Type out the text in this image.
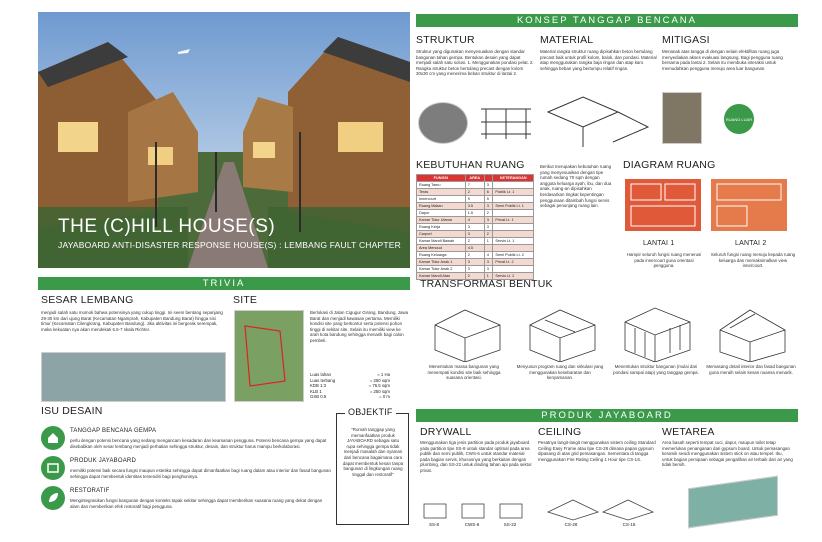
THE (C)HILL HOUSE(S)
JAYABOARD ANTI-DISASTER RESPONSE HOUSE(S) : LEMBANG FAULT CHAPTER
KONSEP TANGGAP BENCANA
STRUKTUR
Struktur yang digunakan menyesuaikan dengan standar bangunan tahan gempa. Bentukan desain yang dapat menjadi salah satu solusi. 1. Menggunakan pondasi pelat. 2. Rangka struktur beton bertulang precast dengan kolom 30x30 cm yang menerima beban struktur di lantai 2.
MATERIAL
Material rangka struktur ruang dipisahkan beton bertulang precast baik untuk profil kolom, balok, dan pondasi. Material atap menggunakan rangka baja ringan dan atap karo sehingga beban yang bertumpu relatif ringan.
MITIGASI
Menanak atas tangga di dengan selain efektifitas ruang juga menyediakan akses evakuasi langsung. Bagi pengguna ruang bersama pada lantai 2. Selain itu membuka interaksi untuk memudahkan pengguna menuju area luar bangunan.
RUANG LUAR
KEBUTUHAN RUANG
FUNGSI	AREA		KETERANGAN
Ruang Tamu	7	3	
Teras	2	6	Publik Lt. 1
Innercourt	9	5	
Ruang Makan	3.5	3	Semi Publik Lt. 1
Dapur	1.5	2	
Kamar Tidur Utama	4	3	Privat Lt. 1
Ruang Kerja	3	3	
Carport	3	2	
Kamar Mandi Bawah	2	1	Servis Lt. 1
Area Mencuci	4.5		
Ruang Keluarga	2	4	Semi Publik Lt. 2
Kamar Tidur Anak 1	3	3	Privat Lt. 2
Kamar Tidur Anak 2	3	3	
Kamar Mandi Atas	2	1	Servis Lt. 2
Berikut merupakan kebutuhan ruang yang menyesuaikan dengan tipe rumah sedang 70 sqm dengan anggota keluarga ayah, ibu, dan dua anak, ruang-an dipisahkan berdasarkan tingkat kepentingan penggunaan ditambah fungsi servis sebagai penunjang ruang lain.
DIAGRAM RUANG
LANTAI 1
Hampir seluruh fungsi ruang menerusi pada innercourt guna orientasi pengguna.
LANTAI 2
Seluruh fungsi ruang menuju kepada ruang keluarga dan memaksimalkan view innercourt.
TRIVIA
SESAR LEMBANG
menjadi salah satu momok bahwa potensinya yang cukup tinggi. Ini seem bentang sepanjang 29-30 km dari ujung Barat (Kecamatan Ngamprah, Kabupaten Bandung Barat) hingga sisi timur (Kecamatan Cilengkrang, Kabupaten Bandung). Jika aktivitas ini bergerak serempak, maka kekuatan nya akan mendekati 6.5-7 skala Richter.
SITE
Berlokasi di Jalan Cigugur Girang, Bandung, Jawa Barat dan menjadi kawasan pertama. Memiliki kondisi site yang berkontur serta potensi pohon tinggi di sekitar site. Selain itu memiliki view ke arah kota bandung sehingga menarik bagi calon pembeli.
Luas lahan	= 1 Ha
Luas terbang	= 250 sqm
KDB 1:3	= 76.5 sqm
KLB 1	= 250 sqm
GSB 0.5	= 0 m
TRANSFORMASI BENTUK
Menentukan massa bangunan yang menempati kondisi site baik sehingga suasana orientasi.
Menyusun program ruang dan sirkulasi yang menggunakan kesebaratan dan kenyamanan.
Menentukan struktur bangunan (mulai dari pondasi sampai atap) yang tanggap gempa.
Memasang detail interior dan fasad bangunan guna meraih selain kesan nuansa menarik.
ISU DESAIN
TANGGAP BENCANA GEMPA
perlu dengan potensi bencana yang sedang mengancam kesadaran dan keamanan pengguna. Potensi bencana gempa yang dapat disebabkan oleh sesar lembang menjadi perhatian sehingga struktur, desain, dan struktur harus mampu berkolaborasi.
PRODUK JAYABOARD
memiliki potensi baik secara fungsi maupun estetika sehingga dapat dimanfaatkan bagi ruang dalam atau interior dan fasad bangunan sehingga dapat membentuk identitas tersendiri bagi penghuninya.
RESTORATIF
Mengintegrasikan fungsi bangunan dengan konteks tapak sekitar sehingga dapat memberikan suasana ruang yang dekat dengan alam dan memberikan efek restoratif bagi pengguna.
OBJEKTIF
"Rumah tanggap yang memanfaatkan produk JAYABOARD sebagai satu rupa sehingga gempa tidak menjadi masalah dan nyaman dari bencana bagaimana cara dapat membentuk kesan tanpa bangunan di lingkungan ruang tinggal dan restoratif"
PRODUK JAYABOARD
DRYWALL
Menggunakan tiga jenis partition pada produk jayaboard yaitu partition tipe SS-8 untuk standar optimal pada area publik dan semi publik, CWS-6 untuk standar material pada bagian servis, khususnya yang berkaitan dengan plumbing, dan SS-22 untuk dinding tahan api pada sektor privat.
SS-8	CWS-6	SS-22
CEILING
Pesatnya langit-langit menggunakan sistem ceiling Standard Ceiling Easy Frame atau tipe CS-28 dimana papan gypsum dipasang di atas grid pemasangan. Sementara di tangga menggunakan Fire Rating Ceiling 1 Hour tipe CS-1S.
CS-28	CS-15
WETAREA
Area basah seperti tempat cuci, dapur, maupun toilet tetap memerlukan penanganan dari gypsum board. Untuk pemasangan keramik sesidi menggunakan sistem stick on atau tempel. Ibu, untuk bagian pemipaan sebagai pengalihan air terbaik dari air yang tidak bersih.
